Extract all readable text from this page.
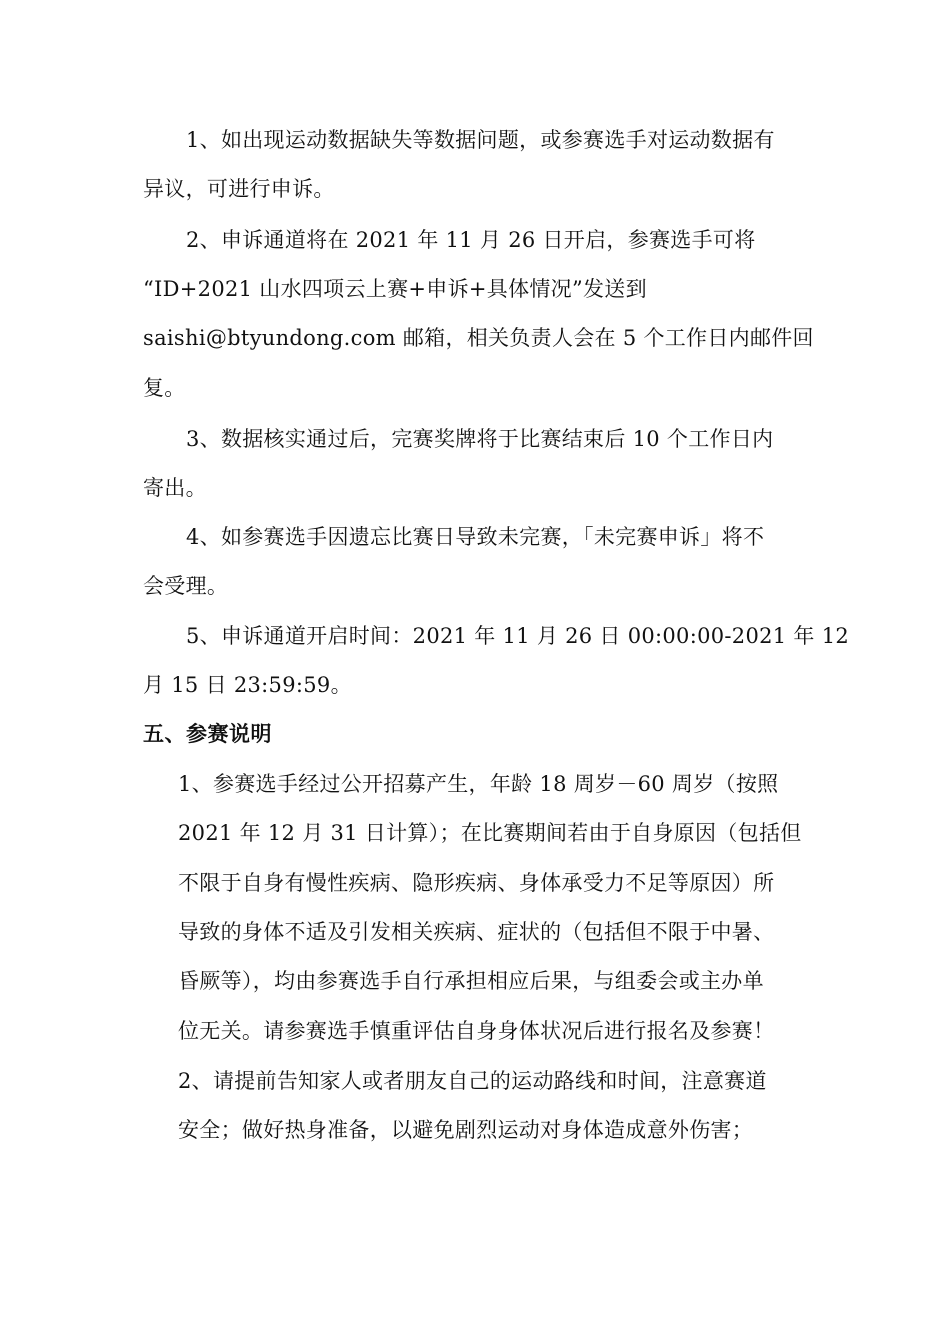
1、如出现运动数据缺失等数据问题，或参赛选手对运动数据有
异议，可进行申诉。
2、申诉通道将在 2021 年 11 月 26 日开启，参赛选手可将
“ID+2021 山水四项云上赛+申诉+具体情况”发送到
saishi@btyundong.com 邮箱，相关负责人会在 5 个工作日内邮件回
复。
3、数据核实通过后，完赛奖牌将于比赛结束后 10 个工作日内
寄出。
4、如参赛选手因遗忘比赛日导致未完赛，「未完赛申诉」将不
会受理。
5、申诉通道开启时间：2021 年 11 月 26 日 00:00:00-2021 年 12
月 15 日 23:59:59。
五、参赛说明
1、参赛选手经过公开招募产生，年龄 18 周岁－60 周岁（按照
2021 年 12 月 31 日计算）；在比赛期间若由于自身原因（包括但
不限于自身有慢性疾病、隐形疾病、身体承受力不足等原因）所
导致的身体不适及引发相关疾病、症状的（包括但不限于中暑、
昏厥等），均由参赛选手自行承担相应后果，与组委会或主办单
位无关。请参赛选手慎重评估自身身体状况后进行报名及参赛！
2、请提前告知家人或者朋友自己的运动路线和时间，注意赛道
安全；做好热身准备，以避免剧烈运动对身体造成意外伤害；
